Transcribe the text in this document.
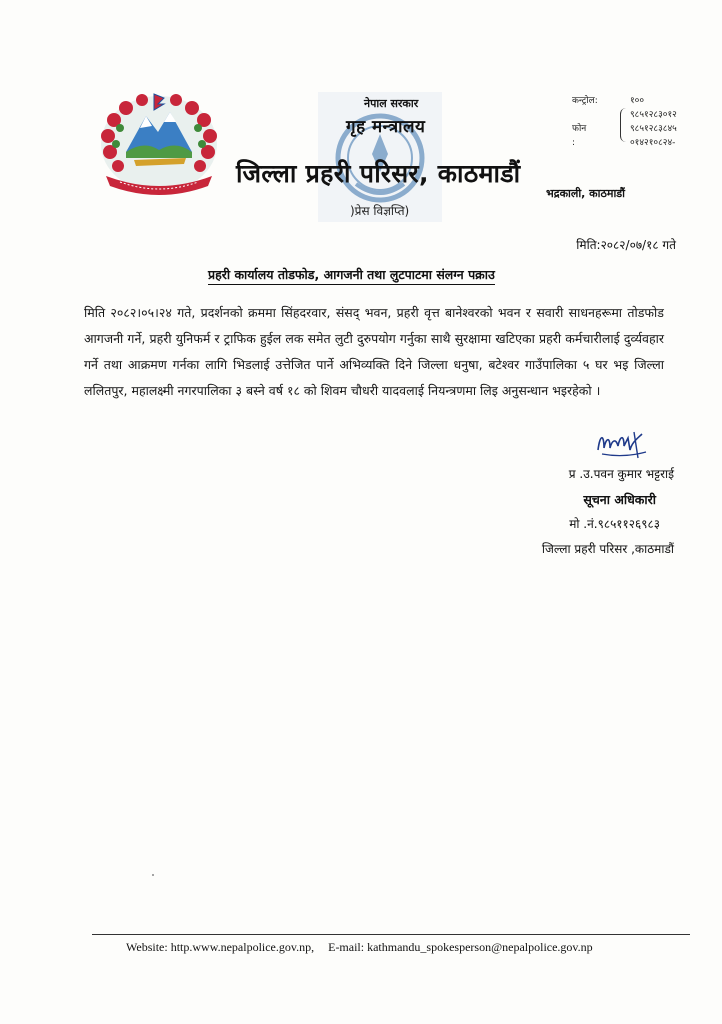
नेपाल सरकार
गृह मन्त्रालय
जिल्ला प्रहरी परिसर, काठमाडौं
)प्रेस विज्ञप्ति)
कन्ट्रोल:	१००
९८५१२८३०१२
फोन :
९८५१२८३८४५
०१४२१०८२४-
भद्रकाली, काठमाडौं
मिति:२०८२/०७/१८ गते
प्रहरी कार्यालय तोडफोड, आगजनी तथा लुटपाटमा संलग्न पक्राउ
मिति २०८२।०५।२४ गते, प्रदर्शनको क्रममा सिंहदरवार, संसद् भवन, प्रहरी वृत्त बानेश्वरको भवन र सवारी साधनहरूमा तोडफोड आगजनी गर्ने, प्रहरी युनिफर्म र ट्राफिक हुईल लक समेत लुटी दुरुपयोग गर्नुका साथै सुरक्षामा खटिएका प्रहरी कर्मचारीलाई दुर्व्यवहार गर्ने तथा आक्रमण गर्नका लागि भिडलाई उत्तेजित पार्ने अभिव्यक्ति दिने जिल्ला धनुषा, बटेश्वर गाउँपालिका ५ घर भइ जिल्ला ललितपुर, महालक्ष्मी नगरपालिका ३ बस्ने वर्ष १८ को शिवम चौधरी यादवलाई नियन्त्रणमा लिइ अनुसन्धान भइरहेको ।
प्र .उ.पवन कुमार भट्टराई
सूचना अधिकारी
मो .नं.९८५११२६९८३
जिल्ला प्रहरी परिसर ,काठमाडौं
Website: http.www.nepalpolice.gov.np, E-mail: kathmandu_spokesperson@nepalpolice.gov.np
